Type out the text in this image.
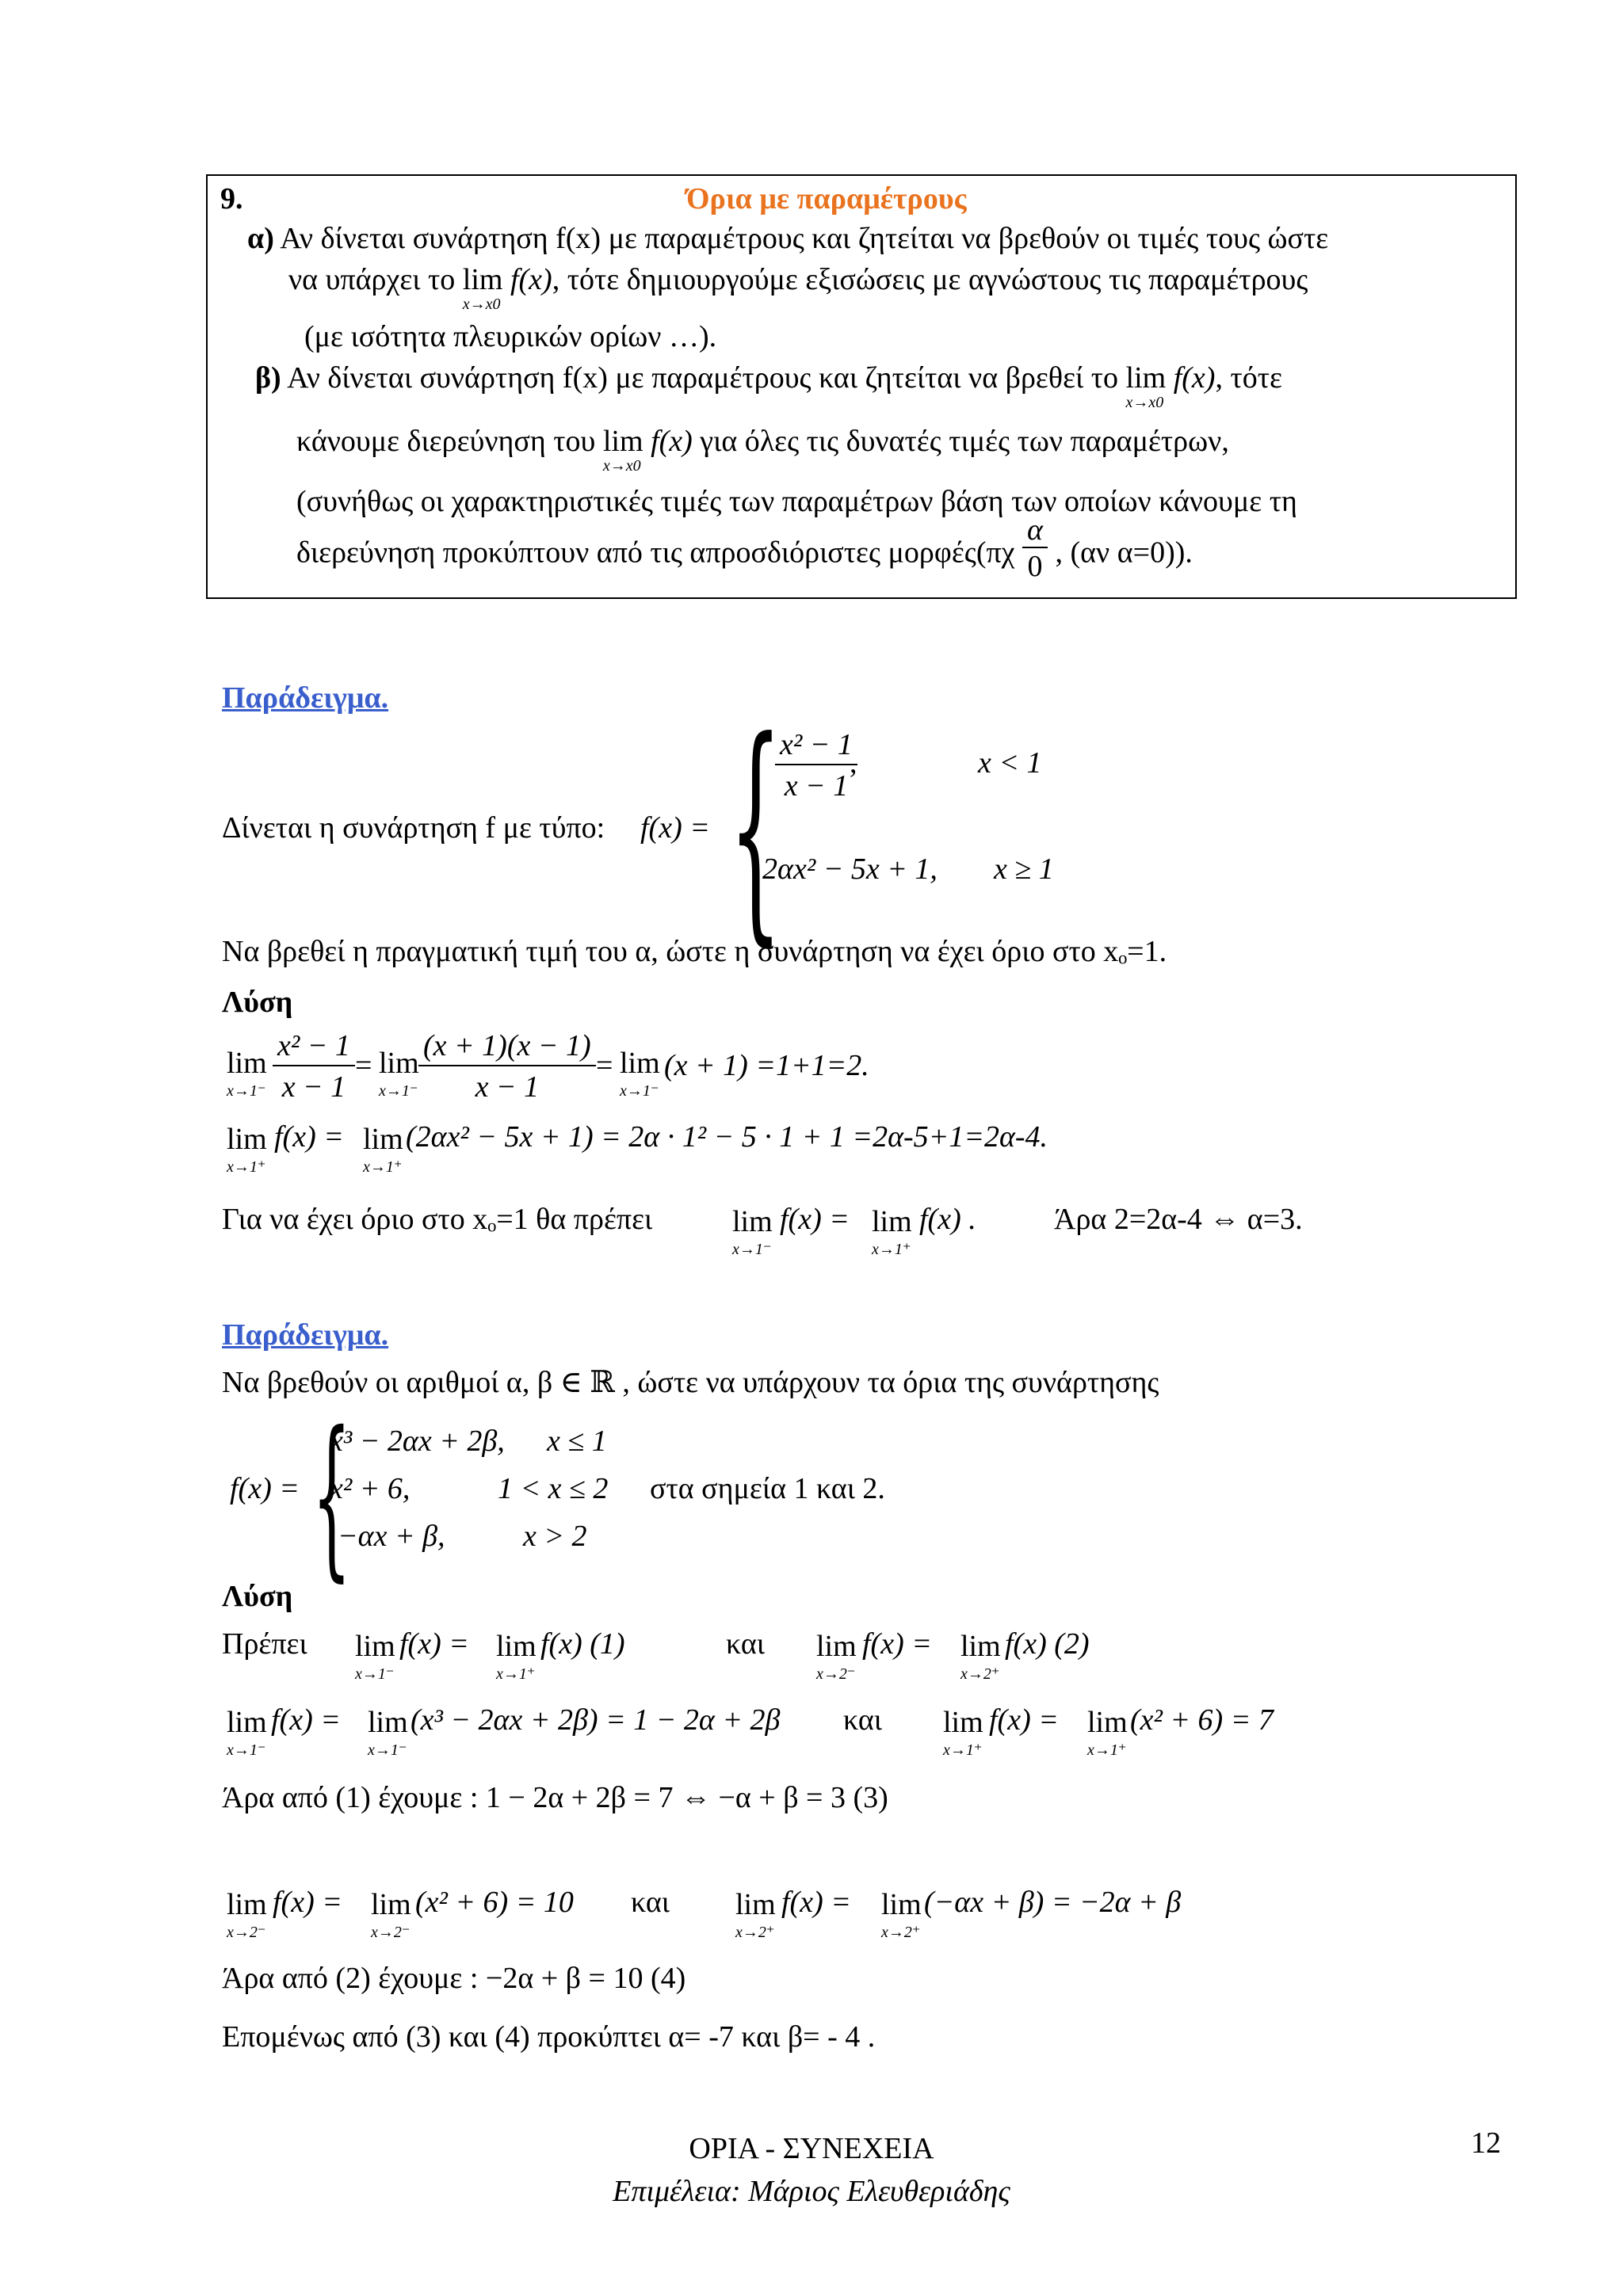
9.	Όρια με παραμέτρους
α) Αν δίνεται συνάρτηση f(x) με παραμέτρους και ζητείται να βρεθούν οι τιμές τους ώστε
να υπάρχει το lim
x→x0
f(x), τότε δημιουργούμε εξισώσεις με αγνώστους τις παραμέτρους
(με ισότητα πλευρικών ορίων …).
β) Αν δίνεται συνάρτηση f(x) με παραμέτρους και ζητείται να βρεθεί το lim
x→x0
f(x), τότε
κάνουμε διερεύνηση του lim
x→x0
f(x) για όλες τις δυνατές τιμές των παραμέτρων,
(συνήθως οι χαρακτηριστικές τιμές των παραμέτρων βάση των οποίων κάνουμε τη
διερεύνηση προκύπτουν από τις απροσδιόριστες $\mu o\rho\varphi έ\varsigma(\pi\chi \frac{\alpha}{0}$ , (αν α=0)).
Παράδειγμα.
Δίνεται η συνάρτηση f με τύπο: f(x) = {
$\frac{\text{x² − 1}}{x - 1}$
,	x < 1
2αx² − 5x + 1, x ≥ 1
Να βρεθεί η πραγματική τιμή του α, ώστε η συνάρτηση να έχει όριο στο xₒ=1.
Λύση
lim
$x\to 1^- \frac{\text{x² − 1}}{x - 1} = \lim$
$x\to 1^- \frac{(x + 1)(x - 1)}{x - 1} = \lim$
x→1⁻
(x + 1) =1+1=2.
lim
x→1⁺
f(x) = lim
x→1⁺
(2αx² − 5x + 1) = 2α · 1² − 5 · 1 + 1 =2α-5+1=2α-4.
Για να έχει όριο στο xₒ=1 θα πρέπει	lim
x→1⁻
f(x) = lim
x→1⁺
f(x) .	Άρα 2=2α-4 ⇔ α=3.
Παράδειγμα.
Να βρεθούν οι αριθμοί α, β ∈ ℝ , ώστε να υπάρχουν τα όρια της συνάρτησης
f(x) = {
x³ − 2αx + 2β, x ≤ 1
x² + 6,	1 < x ≤ 2
−αx + β,	x > 2
στα σημεία 1 και 2.
Λύση
Πρέπει lim
x→1⁻
f(x) = lim
x→1⁺
f(x) (1)	και lim
x→2⁻
f(x) = lim
x→2⁺
f(x) (2)
lim
x→1⁻
f(x) = lim
x→1⁻
(x³ − 2αx + 2β) = 1 − 2α + 2β και lim
x→1⁺
f(x) = lim
x→1⁺
(x² + 6) = 7
Άρα από (1) έχουμε : 1 − 2α + 2β = 7 ⇔ −α + β = 3 (3)
lim
x→2⁻
f(x) = lim
x→2⁻
(x² + 6) = 10 και lim
x→2⁺
f(x) = lim
x→2⁺
(−αx + β) = −2α + β
Άρα από (2) έχουμε : −2α + β = 10 (4)
Επομένως από (3) και (4) προκύπτει α= -7 και β= - 4 .
ΟΡΙΑ - ΣΥΝΕΧΕΙΑ
Επιμέλεια: Μάριος Ελευθεριάδης
12
